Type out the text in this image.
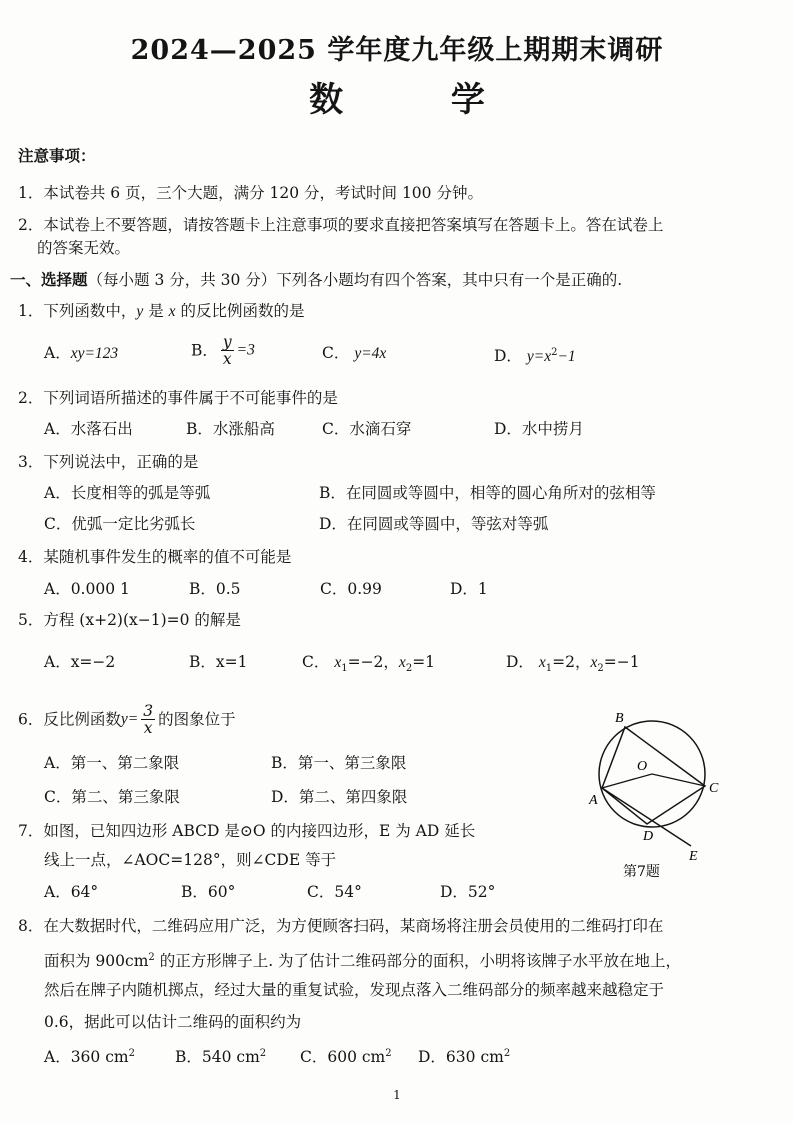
2024—2025 学年度九年级上期期末调研
数 学
注意事项：
1．本试卷共 6 页，三个大题，满分 120 分，考试时间 100 分钟。
2．本试卷上不要答题，请按答题卡上注意事项的要求直接把答案填写在答题卡上。答在试卷上
的答案无效。
一、选择题（每小题 3 分，共 30 分）下列各小题均有四个答案，其中只有一个是正确的.
1．下列函数中，y 是 x 的反比例函数的是
A．xy=123	B． $\frac{y}{x} =3$	C． y=4x	D． $y=x^2-1$
2．下列词语所描述的事件属于不可能事件的是
A．水落石出	B．水涨船高	C．水滴石穿	D．水中捞月
3．下列说法中，正确的是
A．长度相等的弧是等弧	B．在同圆或等圆中，相等的圆心角所对的弦相等
C．优弧一定比劣弧长	D．在同圆或等圆中，等弦对等弧
4．某随机事件发生的概率的值不可能是
A．0.000 1	B．0.5	C．0.99	D．1
5．方程 (x+2)(x−1)=0 的解是
A．x=−2	B．x=1	C． $x_1=-2$，$x_2=1$	D． $x_1=2$，$x_2=-1$
6．反比例函数$y= \frac{3}{x}$ 的图象位于
A．第一、第二象限	B．第一、第三象限
C．第二、第三象限	D．第二、第四象限
7．如图，已知四边形 ABCD 是⊙O 的内接四边形，E 为 AD 延长
线上一点，∠AOC=128°，则∠CDE 等于
A．64°	B．60°	C．54°	D．52°
B
C
A
D
E
O
第7题
8．在大数据时代，二维码应用广泛，为方便顾客扫码，某商场将注册会员使用的二维码打印在
面积为 $900cm^2$ 的正方形牌子上. 为了估计二维码部分的面积，小明将该牌子水平放在地上，
然后在牌子内随机掷点，经过大量的重复试验，发现点落入二维码部分的频率越来越稳定于
0.6，据此可以估计二维码的面积约为
A．360 $cm^2$	B．540 $cm^2$ C．600 $cm^2$ D．630 $cm^2$
1
